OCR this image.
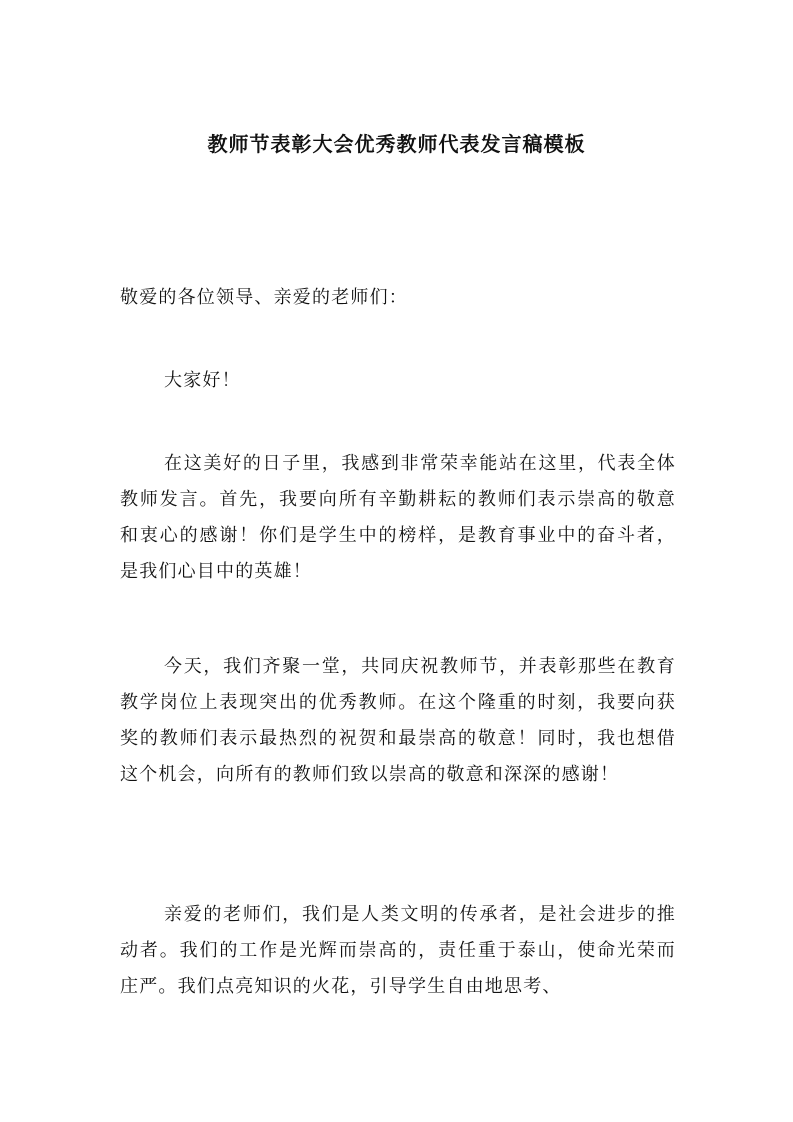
教师节表彰大会优秀教师代表发言稿模板

敬爱的各位领导、亲爱的老师们：

大家好！

在这美好的日子里，我感到非常荣幸能站在这里，代表全体教师发言。首先，我要向所有辛勤耕耘的教师们表示崇高的敬意和衷心的感谢！你们是学生中的榜样，是教育事业中的奋斗者，是我们心目中的英雄！

今天，我们齐聚一堂，共同庆祝教师节，并表彰那些在教育教学岗位上表现突出的优秀教师。在这个隆重的时刻，我要向获奖的教师们表示最热烈的祝贺和最崇高的敬意！同时，我也想借这个机会，向所有的教师们致以崇高的敬意和深深的感谢！

亲爱的老师们，我们是人类文明的传承者，是社会进步的推动者。我们的工作是光辉而崇高的，责任重于泰山，使命光荣而庄严。我们点亮知识的火花，引导学生自由地思考、
